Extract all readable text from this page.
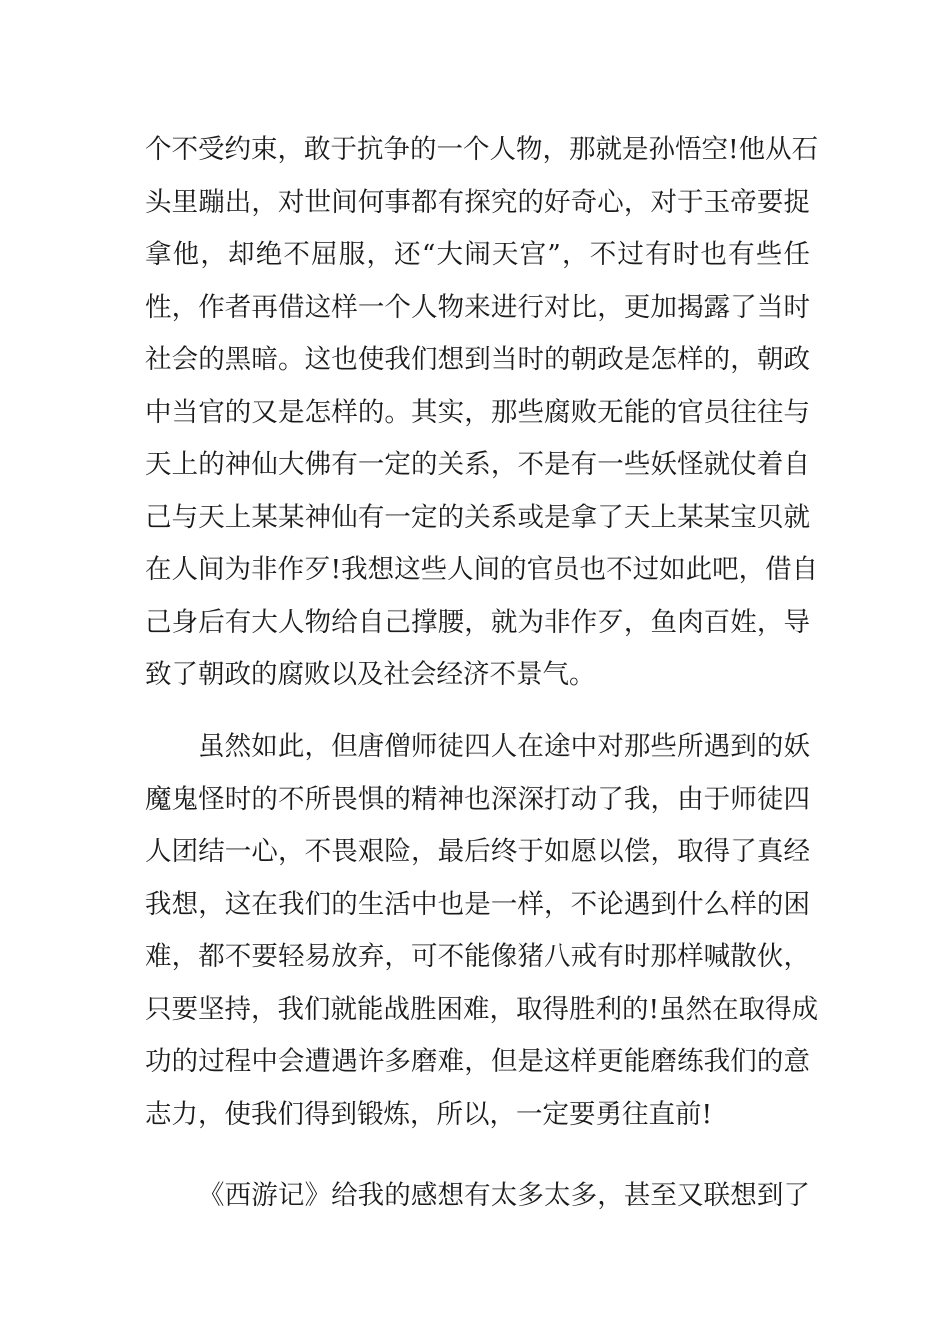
个不受约束，敢于抗争的一个人物，那就是孙悟空!他从石
头里蹦出，对世间何事都有探究的好奇心，对于玉帝要捉
拿他，却绝不屈服，还“大闹天宫”，不过有时也有些任
性，作者再借这样一个人物来进行对比，更加揭露了当时
社会的黑暗。这也使我们想到当时的朝政是怎样的，朝政
中当官的又是怎样的。其实，那些腐败无能的官员往往与
天上的神仙大佛有一定的关系，不是有一些妖怪就仗着自
己与天上某某神仙有一定的关系或是拿了天上某某宝贝就
在人间为非作歹!我想这些人间的官员也不过如此吧，借自
己身后有大人物给自己撑腰，就为非作歹，鱼肉百姓，导
致了朝政的腐败以及社会经济不景气。
虽然如此，但唐僧师徒四人在途中对那些所遇到的妖
魔鬼怪时的不所畏惧的精神也深深打动了我，由于师徒四
人团结一心，不畏艰险，最后终于如愿以偿，取得了真经
我想，这在我们的生活中也是一样，不论遇到什么样的困
难，都不要轻易放弃，可不能像猪八戒有时那样喊散伙，
只要坚持，我们就能战胜困难，取得胜利的!虽然在取得成
功的过程中会遭遇许多磨难，但是这样更能磨练我们的意
志力，使我们得到锻炼，所以，一定要勇往直前!
《西游记》给我的感想有太多太多，甚至又联想到了
